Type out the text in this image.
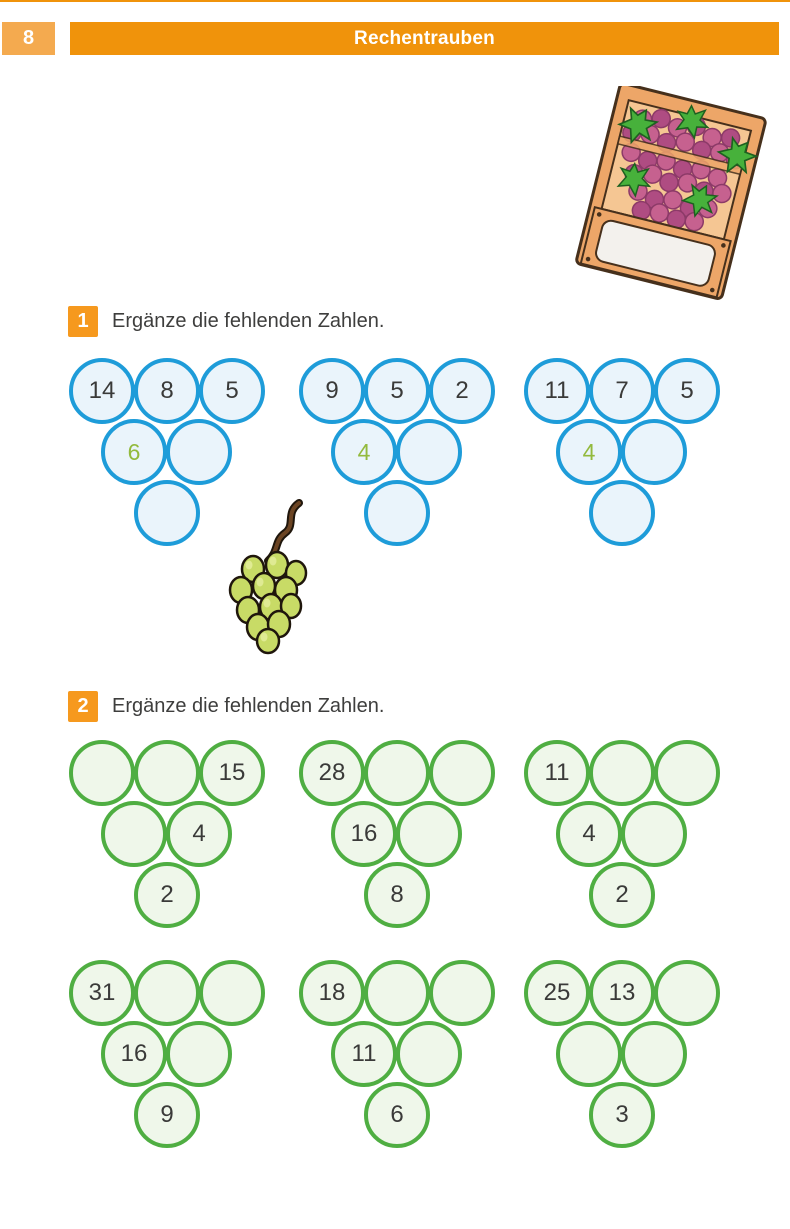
8	Rechentrauben
1	Ergänze die fehlenden Zahlen.
14 8 5
6
9 5 2
4
11 7 5
4
2	Ergänze die fehlenden Zahlen.
15
4
2
28
16
8
11
4
2
31
16
9
18
11
6
25 13
3
